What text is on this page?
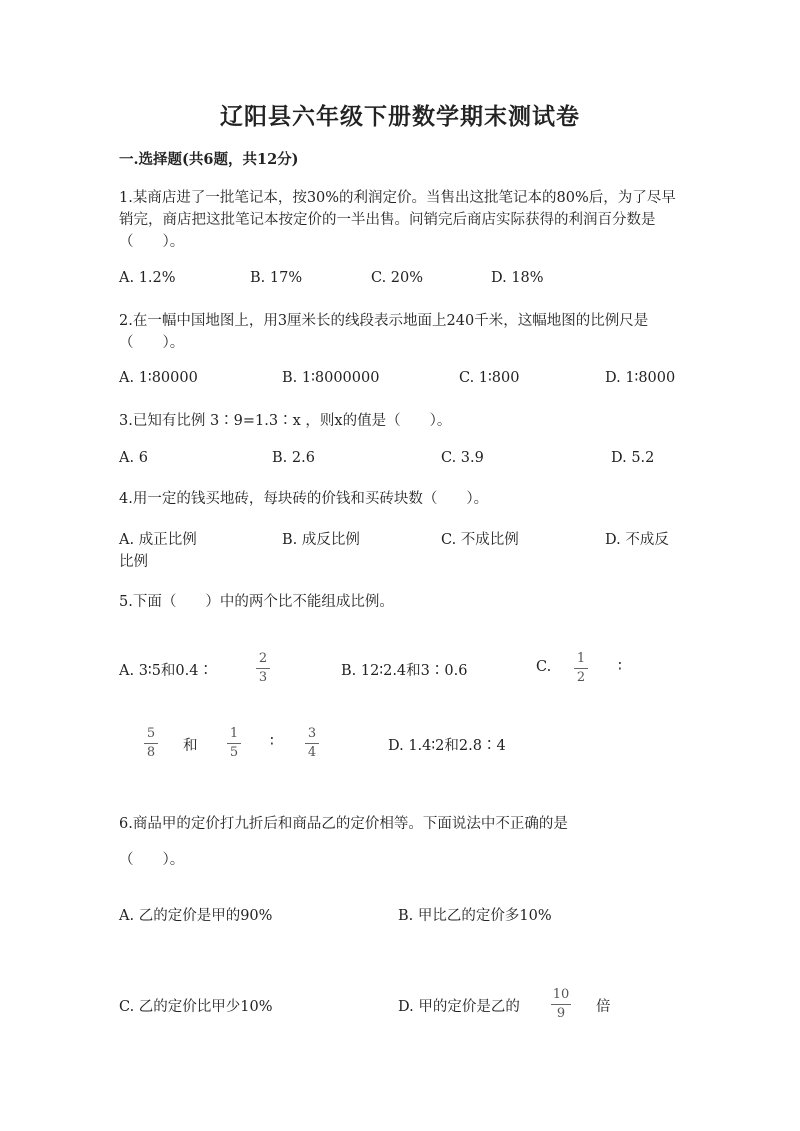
辽阳县六年级下册数学期末测试卷
一.选择题(共6题，共12分)
1.某商店进了一批笔记本，按30%的利润定价。当售出这批笔记本的80%后，为了尽早销完，商店把这批笔记本按定价的一半出售。问销完后商店实际获得的利润百分数是（　　）。
A. 1.2%	B. 17%	C. 20%	D. 18%
2.在一幅中国地图上，用3厘米长的线段表示地面上240千米，这幅地图的比例尺是（　　）。
A. 1∶80000	B. 1∶8000000	C. 1∶800	D. 1∶8000
3.已知有比例 3∶9=1.3∶x ，则x的值是（　　）。
A. 6	B. 2.6	C. 3.9	D. 5.2
4.用一定的钱买地砖，每块砖的价钱和买砖块数（　　）。
A. 成正比例	B. 成反比例	C. 不成比例	D. 不成反
比例
5.下面（　　）中的两个比不能组成比例。
A. 3∶5和0.4∶
2
3	B. 12∶2.4和3∶0.6	C.
1
2
∶
5
8 和
1
5
∶
3
4	D. 1.4∶2和2.8∶4
6.商品甲的定价打九折后和商品乙的定价相等。下面说法中不正确的是
（　　）。
A. 乙的定价是甲的90%	B. 甲比乙的定价多10%
C. 乙的定价比甲少10%	D. 甲的定价是乙的
10
9 倍
